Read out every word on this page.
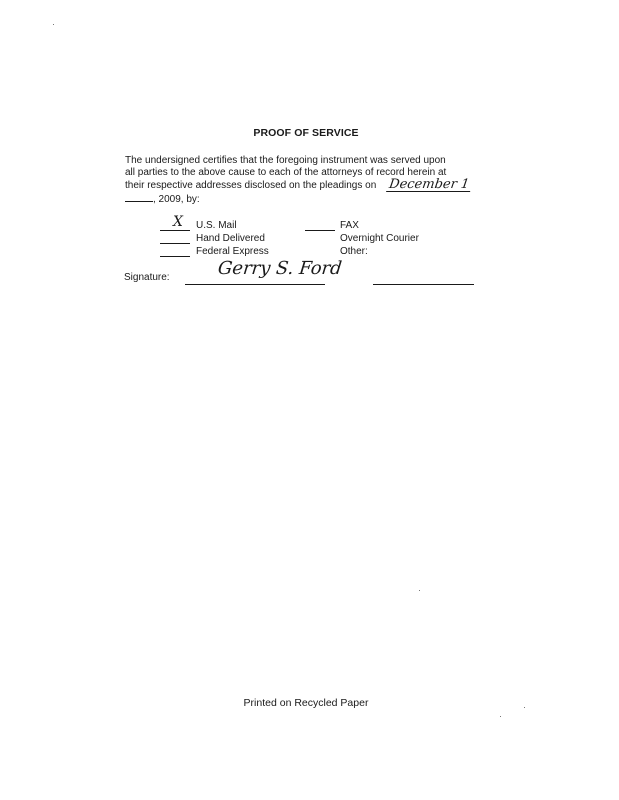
PROOF OF SERVICE
The undersigned certifies that the foregoing instrument was served upon
all parties to the above cause to each of the attorneys of record herein at
their respective addresses disclosed on the pleadings on December 1
, 2009, by:
X U.S. Mail
Hand Delivered
Federal Express
FAX
Overnight Courier
Other:
Signature:	Gerry S. Ford
Printed on Recycled Paper
